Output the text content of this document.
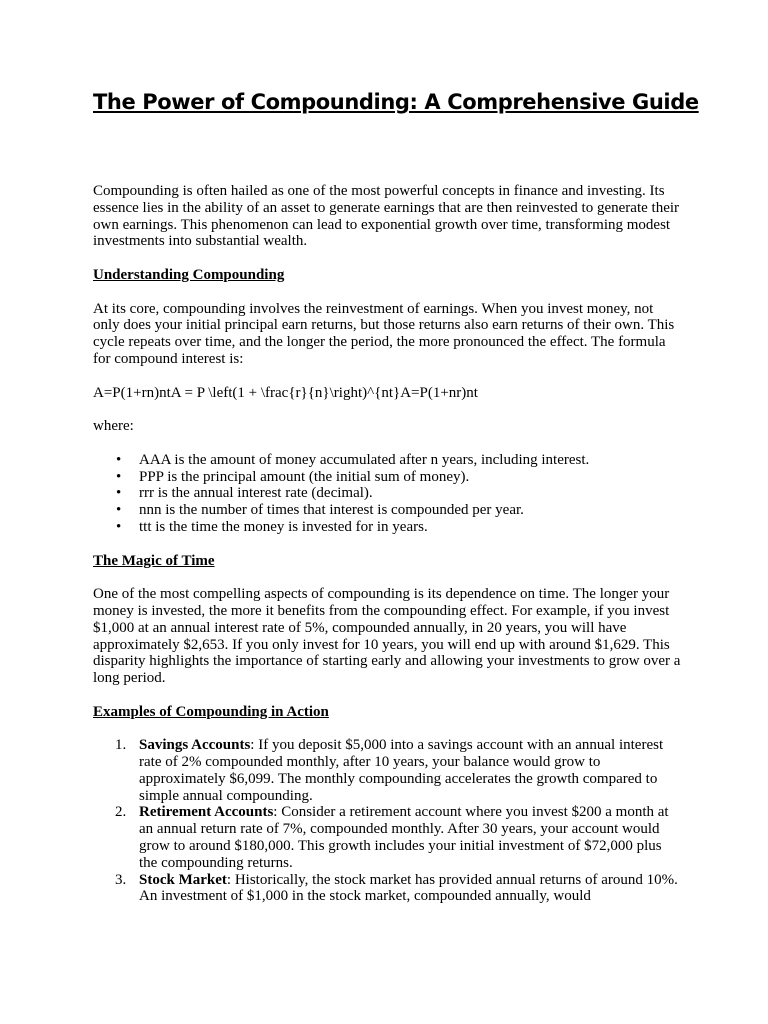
The Power of Compounding: A Comprehensive Guide

Compounding is often hailed as one of the most powerful concepts in finance and investing. Its essence lies in the ability of an asset to generate earnings that are then reinvested to generate their own earnings. This phenomenon can lead to exponential growth over time, transforming modest investments into substantial wealth.

Understanding Compounding

At its core, compounding involves the reinvestment of earnings. When you invest money, not only does your initial principal earn returns, but those returns also earn returns of their own. This cycle repeats over time, and the longer the period, the more pronounced the effect. The formula for compound interest is:

A=P(1+rn)ntA = P \left(1 + \frac{r}{n}\right)^{nt}A=P(1+nr)nt

where:

• AAA is the amount of money accumulated after n years, including interest.
• PPP is the principal amount (the initial sum of money).
• rrr is the annual interest rate (decimal).
• nnn is the number of times that interest is compounded per year.
• ttt is the time the money is invested for in years.

The Magic of Time

One of the most compelling aspects of compounding is its dependence on time. The longer your money is invested, the more it benefits from the compounding effect. For example, if you invest $1,000 at an annual interest rate of 5%, compounded annually, in 20 years, you will have approximately $2,653. If you only invest for 10 years, you will end up with around $1,629. This disparity highlights the importance of starting early and allowing your investments to grow over a long period.

Examples of Compounding in Action

1. Savings Accounts: If you deposit $5,000 into a savings account with an annual interest rate of 2% compounded monthly, after 10 years, your balance would grow to approximately $6,099. The monthly compounding accelerates the growth compared to simple annual compounding.
2. Retirement Accounts: Consider a retirement account where you invest $200 a month at an annual return rate of 7%, compounded monthly. After 30 years, your account would grow to around $180,000. This growth includes your initial investment of $72,000 plus the compounding returns.
3. Stock Market: Historically, the stock market has provided annual returns of around 10%. An investment of $1,000 in the stock market, compounded annually, would
